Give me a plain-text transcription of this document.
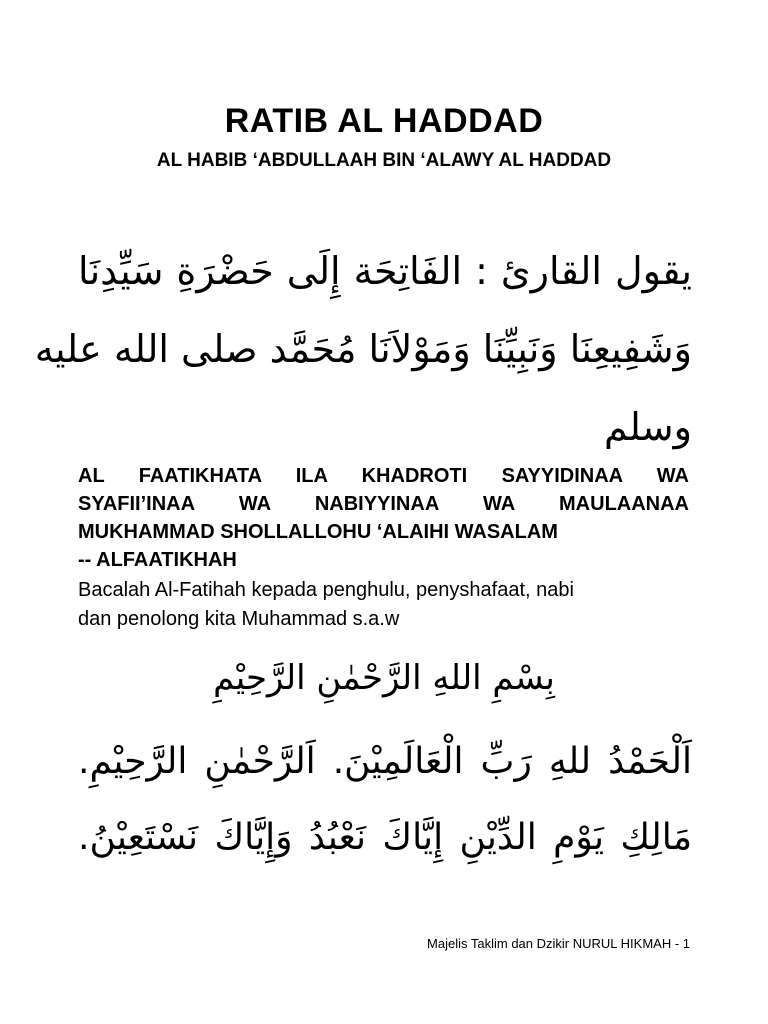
RATIB AL HADDAD
AL HABIB ‘ABDULLAAH BIN ‘ALAWY AL HADDAD
يقول القارئ : الفَاتِحَة إِلَى حَضْرَةِ سَيِّدِنَا
وَشَفِيعِنَا وَنَبِيِّنَا وَمَوْلاَنَا مُحَمَّد صلى الله عليه
وسلم
AL FAATIKHATA ILA KHADROTI SAYYIDINAA WA
SYAFII’INAA WA NABIYYINAA WA MAULAANAA
MUKHAMMAD SHOLLALLOHU ‘ALAIHI WASALAM
-- ALFAATIKHAH
Bacalah Al-Fatihah kepada penghulu, penyshafaat, nabi
dan penolong kita Muhammad s.a.w
بِسْمِ اللهِ الرَّحْمٰنِ الرَّحِيْمِ
اَلْحَمْدُ للهِ رَبِّ الْعَالَمِيْنَ. اَلرَّحْمٰنِ الرَّحِيْمِ.
مَالِكِ يَوْمِ الدِّيْنِ إِيَّاكَ نَعْبُدُ وَإِيَّاكَ نَسْتَعِيْنُ.
Majelis Taklim dan Dzikir NURUL HIKMAH - 1
